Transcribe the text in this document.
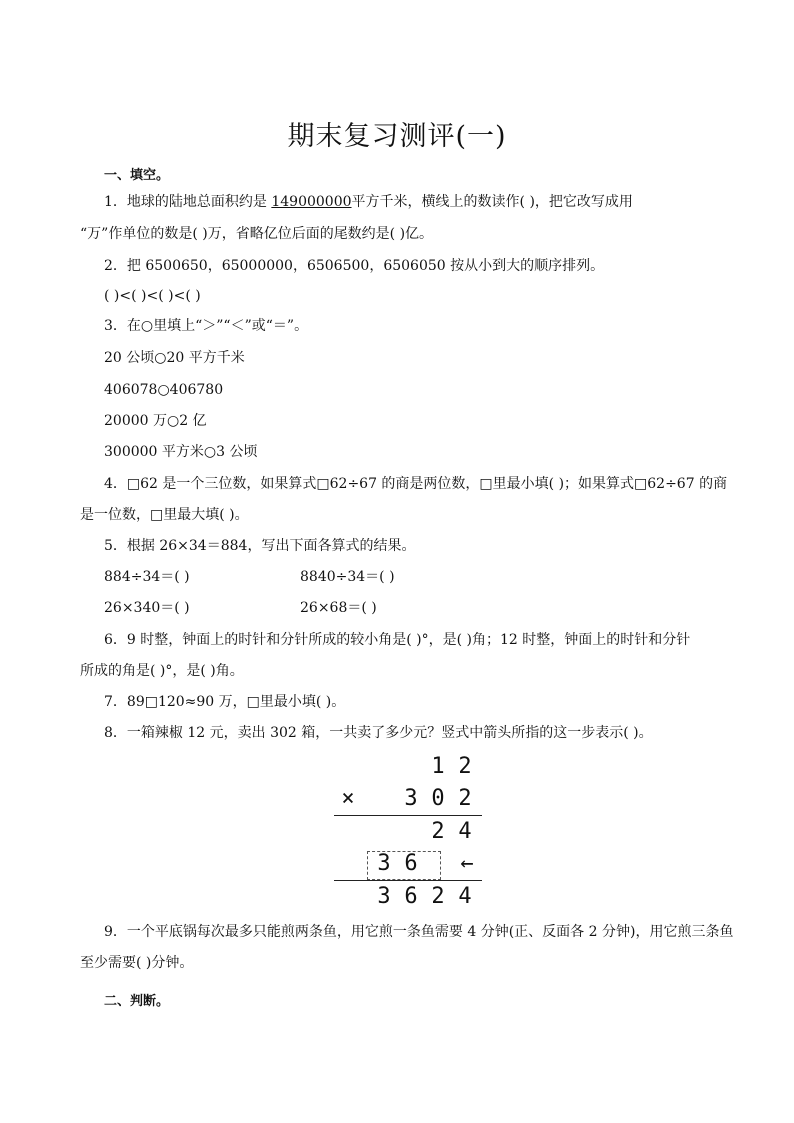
期末复习测评(一)
一、填空。
1．地球的陆地总面积约是 149000000平方千米，横线上的数读作( )，把它改写成用
“万”作单位的数是( )万，省略亿位后面的尾数约是( )亿。
2．把 6500650，65000000，6506500，6506050 按从小到大的顺序排列。
( )<( )<( )<( )
3．在○里填上“＞”“＜”或“＝”。
20 公顷○20 平方千米
406078○406780
20000 万○2 亿
300000 平方米○3 公顷
4．□62 是一个三位数，如果算式□62÷67 的商是两位数，□里最小填( )；如果算式□62÷67 的商
是一位数，□里最大填( )。
5．根据 26×34＝884，写出下面各算式的结果。
884÷34＝( )	8840÷34＝( )
26×340＝( )	26×68＝( )
6．9 时整，钟面上的时针和分针所成的较小角是( )°，是( )角；12 时整，钟面上的时针和分针
所成的角是( )°，是( )角。
7．89□120≈90 万，□里最小填( )。
8．一箱辣椒 12 元，卖出 302 箱，一共卖了多少元？竖式中箭头所指的这一步表示( )。
1 2
× 3 0 2
2 4
3 6	←
3 6 2 4
9．一个平底锅每次最多只能煎两条鱼，用它煎一条鱼需要 4 分钟(正、反面各 2 分钟)，用它煎三条鱼
至少需要( )分钟。
二、判断。
